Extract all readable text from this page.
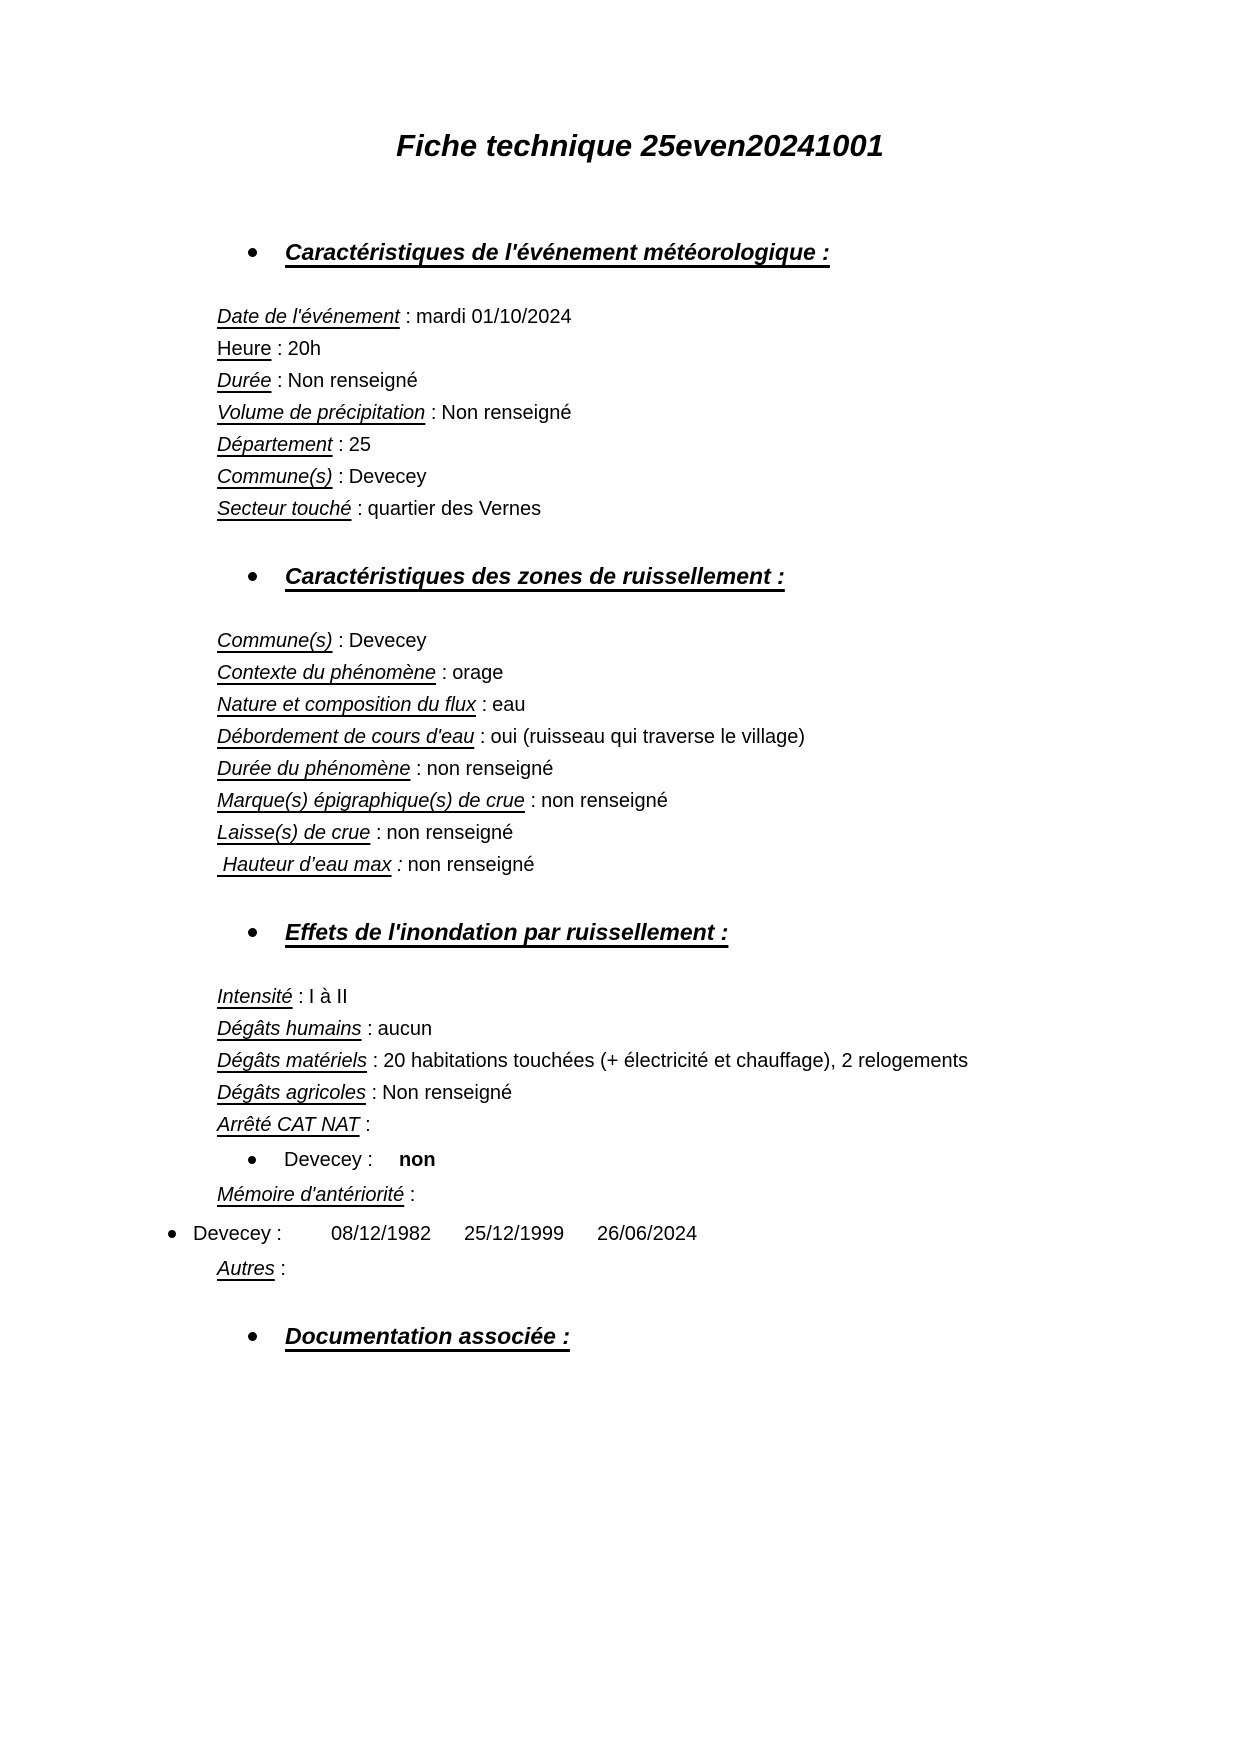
Fiche technique 25even20241001
Caractéristiques de l'événement météorologique :
Date de l'événement : mardi 01/10/2024
Heure : 20h
Durée : Non renseigné
Volume de précipitation : Non renseigné
Département : 25
Commune(s) : Devecey
Secteur touché : quartier des Vernes
Caractéristiques des zones de ruissellement :
Commune(s) : Devecey
Contexte du phénomène : orage
Nature et composition du flux : eau
Débordement de cours d'eau : oui (ruisseau qui traverse le village)
Durée du phénomène : non renseigné
Marque(s) épigraphique(s) de crue : non renseigné
Laisse(s) de crue : non renseigné
Hauteur d’eau max : non renseigné
Effets de l'inondation par ruissellement :
Intensité : I à II
Dégâts humains : aucun
Dégâts matériels : 20 habitations touchées (+ électricité et chauffage), 2 relogements
Dégâts agricoles : Non renseigné
Arrêté CAT NAT :
Devecey : non
Mémoire d'antériorité :
Devecey :	08/12/1982	25/12/1999	26/06/2024
Autres :
Documentation associée :
